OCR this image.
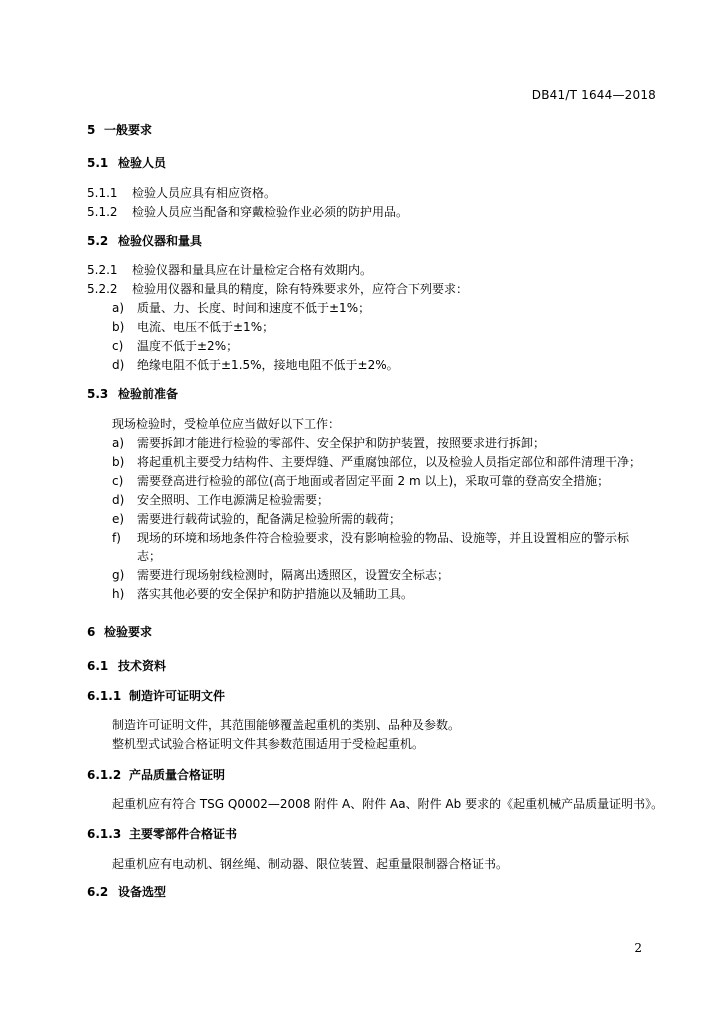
DB41/T 1644—2018
5 一般要求
5.1 检验人员
5.1.1 检验人员应具有相应资格。
5.1.2 检验人员应当配备和穿戴检验作业必须的防护用品。
5.2 检验仪器和量具
5.2.1 检验仪器和量具应在计量检定合格有效期内。
5.2.2 检验用仪器和量具的精度，除有特殊要求外，应符合下列要求：
a) 质量、力、长度、时间和速度不低于±1%；
b) 电流、电压不低于±1%；
c) 温度不低于±2%；
d) 绝缘电阻不低于±1.5%，接地电阻不低于±2%。
5.3 检验前准备
现场检验时，受检单位应当做好以下工作：
a) 需要拆卸才能进行检验的零部件、安全保护和防护装置，按照要求进行拆卸；
b) 将起重机主要受力结构件、主要焊缝、严重腐蚀部位，以及检验人员指定部位和部件清理干净；
c) 需要登高进行检验的部位(高于地面或者固定平面 2 m 以上)，采取可靠的登高安全措施；
d) 安全照明、工作电源满足检验需要；
e) 需要进行载荷试验的，配备满足检验所需的载荷；
f) 现场的环境和场地条件符合检验要求，没有影响检验的物品、设施等，并且设置相应的警示标
志；
g) 需要进行现场射线检测时，隔离出透照区，设置安全标志；
h) 落实其他必要的安全保护和防护措施以及辅助工具。
6 检验要求
6.1 技术资料
6.1.1 制造许可证明文件
制造许可证明文件，其范围能够覆盖起重机的类别、品种及参数。
整机型式试验合格证明文件其参数范围适用于受检起重机。
6.1.2 产品质量合格证明
起重机应有符合 TSG Q0002—2008 附件 A、附件 Aa、附件 Ab 要求的《起重机械产品质量证明书》。
6.1.3 主要零部件合格证书
起重机应有电动机、钢丝绳、制动器、限位装置、起重量限制器合格证书。
6.2 设备选型
2
